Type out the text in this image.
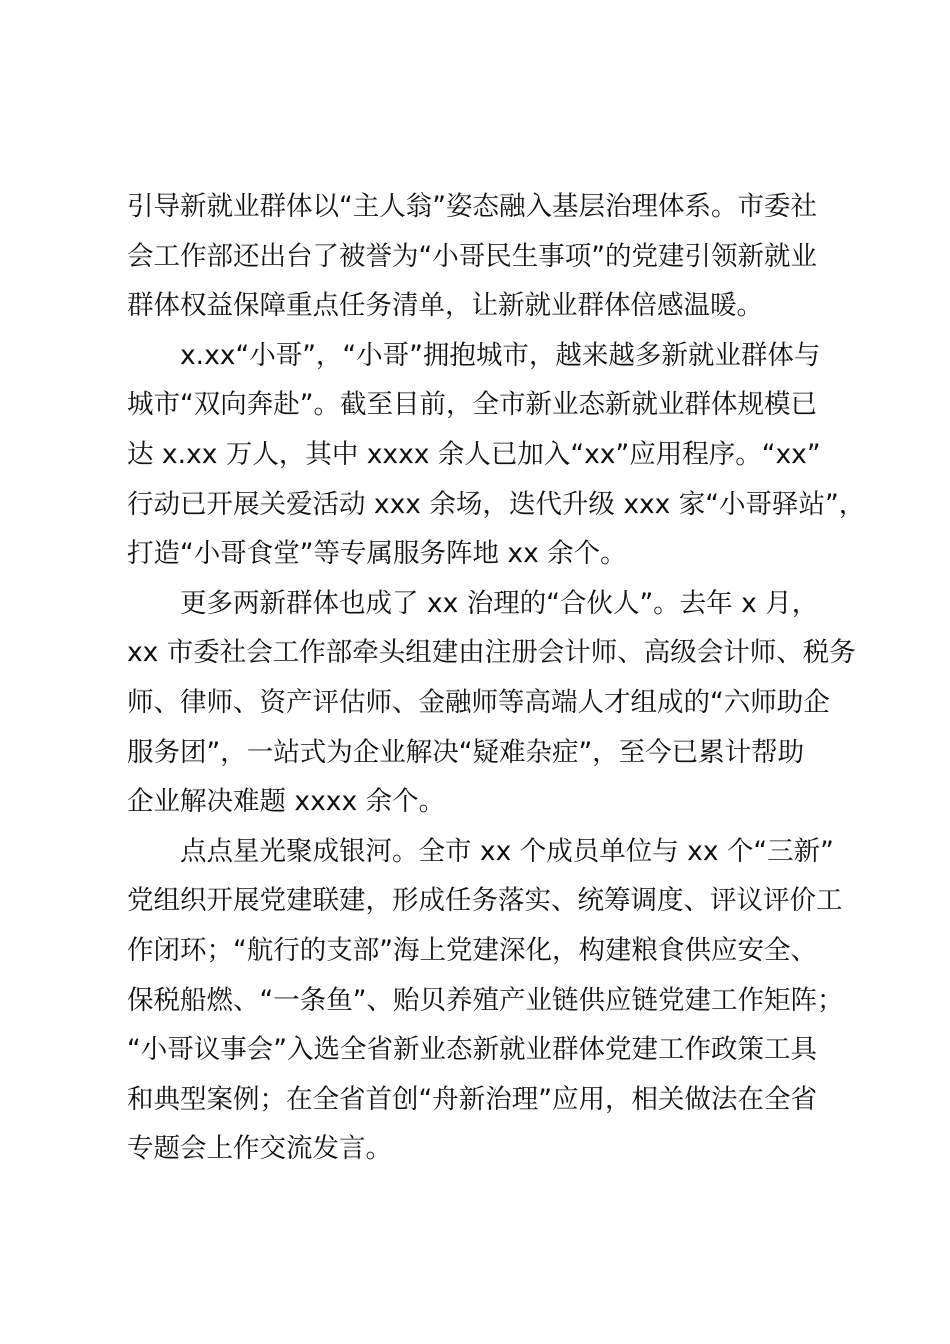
引导新就业群体以“主人翁”姿态融入基层治理体系。市委社
会工作部还出台了被誉为“小哥民生事项”的党建引领新就业
群体权益保障重点任务清单，让新就业群体倍感温暖。

　　x.xx“小哥”，“小哥”拥抱城市，越来越多新就业群体与
城市“双向奔赴”。截至目前，全市新业态新就业群体规模已
达 x.xx 万人，其中 xxxx 余人已加入“xx”应用程序。“xx”
行动已开展关爱活动 xxx 余场，迭代升级 xxx 家“小哥驿站”，
打造“小哥食堂”等专属服务阵地 xx 余个。

　　更多两新群体也成了 xx 治理的“合伙人”。去年 x 月，
xx 市委社会工作部牵头组建由注册会计师、高级会计师、税务
师、律师、资产评估师、金融师等高端人才组成的“六师助企
服务团”，一站式为企业解决“疑难杂症”，至今已累计帮助
企业解决难题 xxxx 余个。

　　点点星光聚成银河。全市 xx 个成员单位与 xx 个“三新”
党组织开展党建联建，形成任务落实、统筹调度、评议评价工
作闭环；“航行的支部”海上党建深化，构建粮食供应安全、
保税船燃、“一条鱼”、贻贝养殖产业链供应链党建工作矩阵；
“小哥议事会”入选全省新业态新就业群体党建工作政策工具
和典型案例；在全省首创“舟新治理”应用，相关做法在全省
专题会上作交流发言。
